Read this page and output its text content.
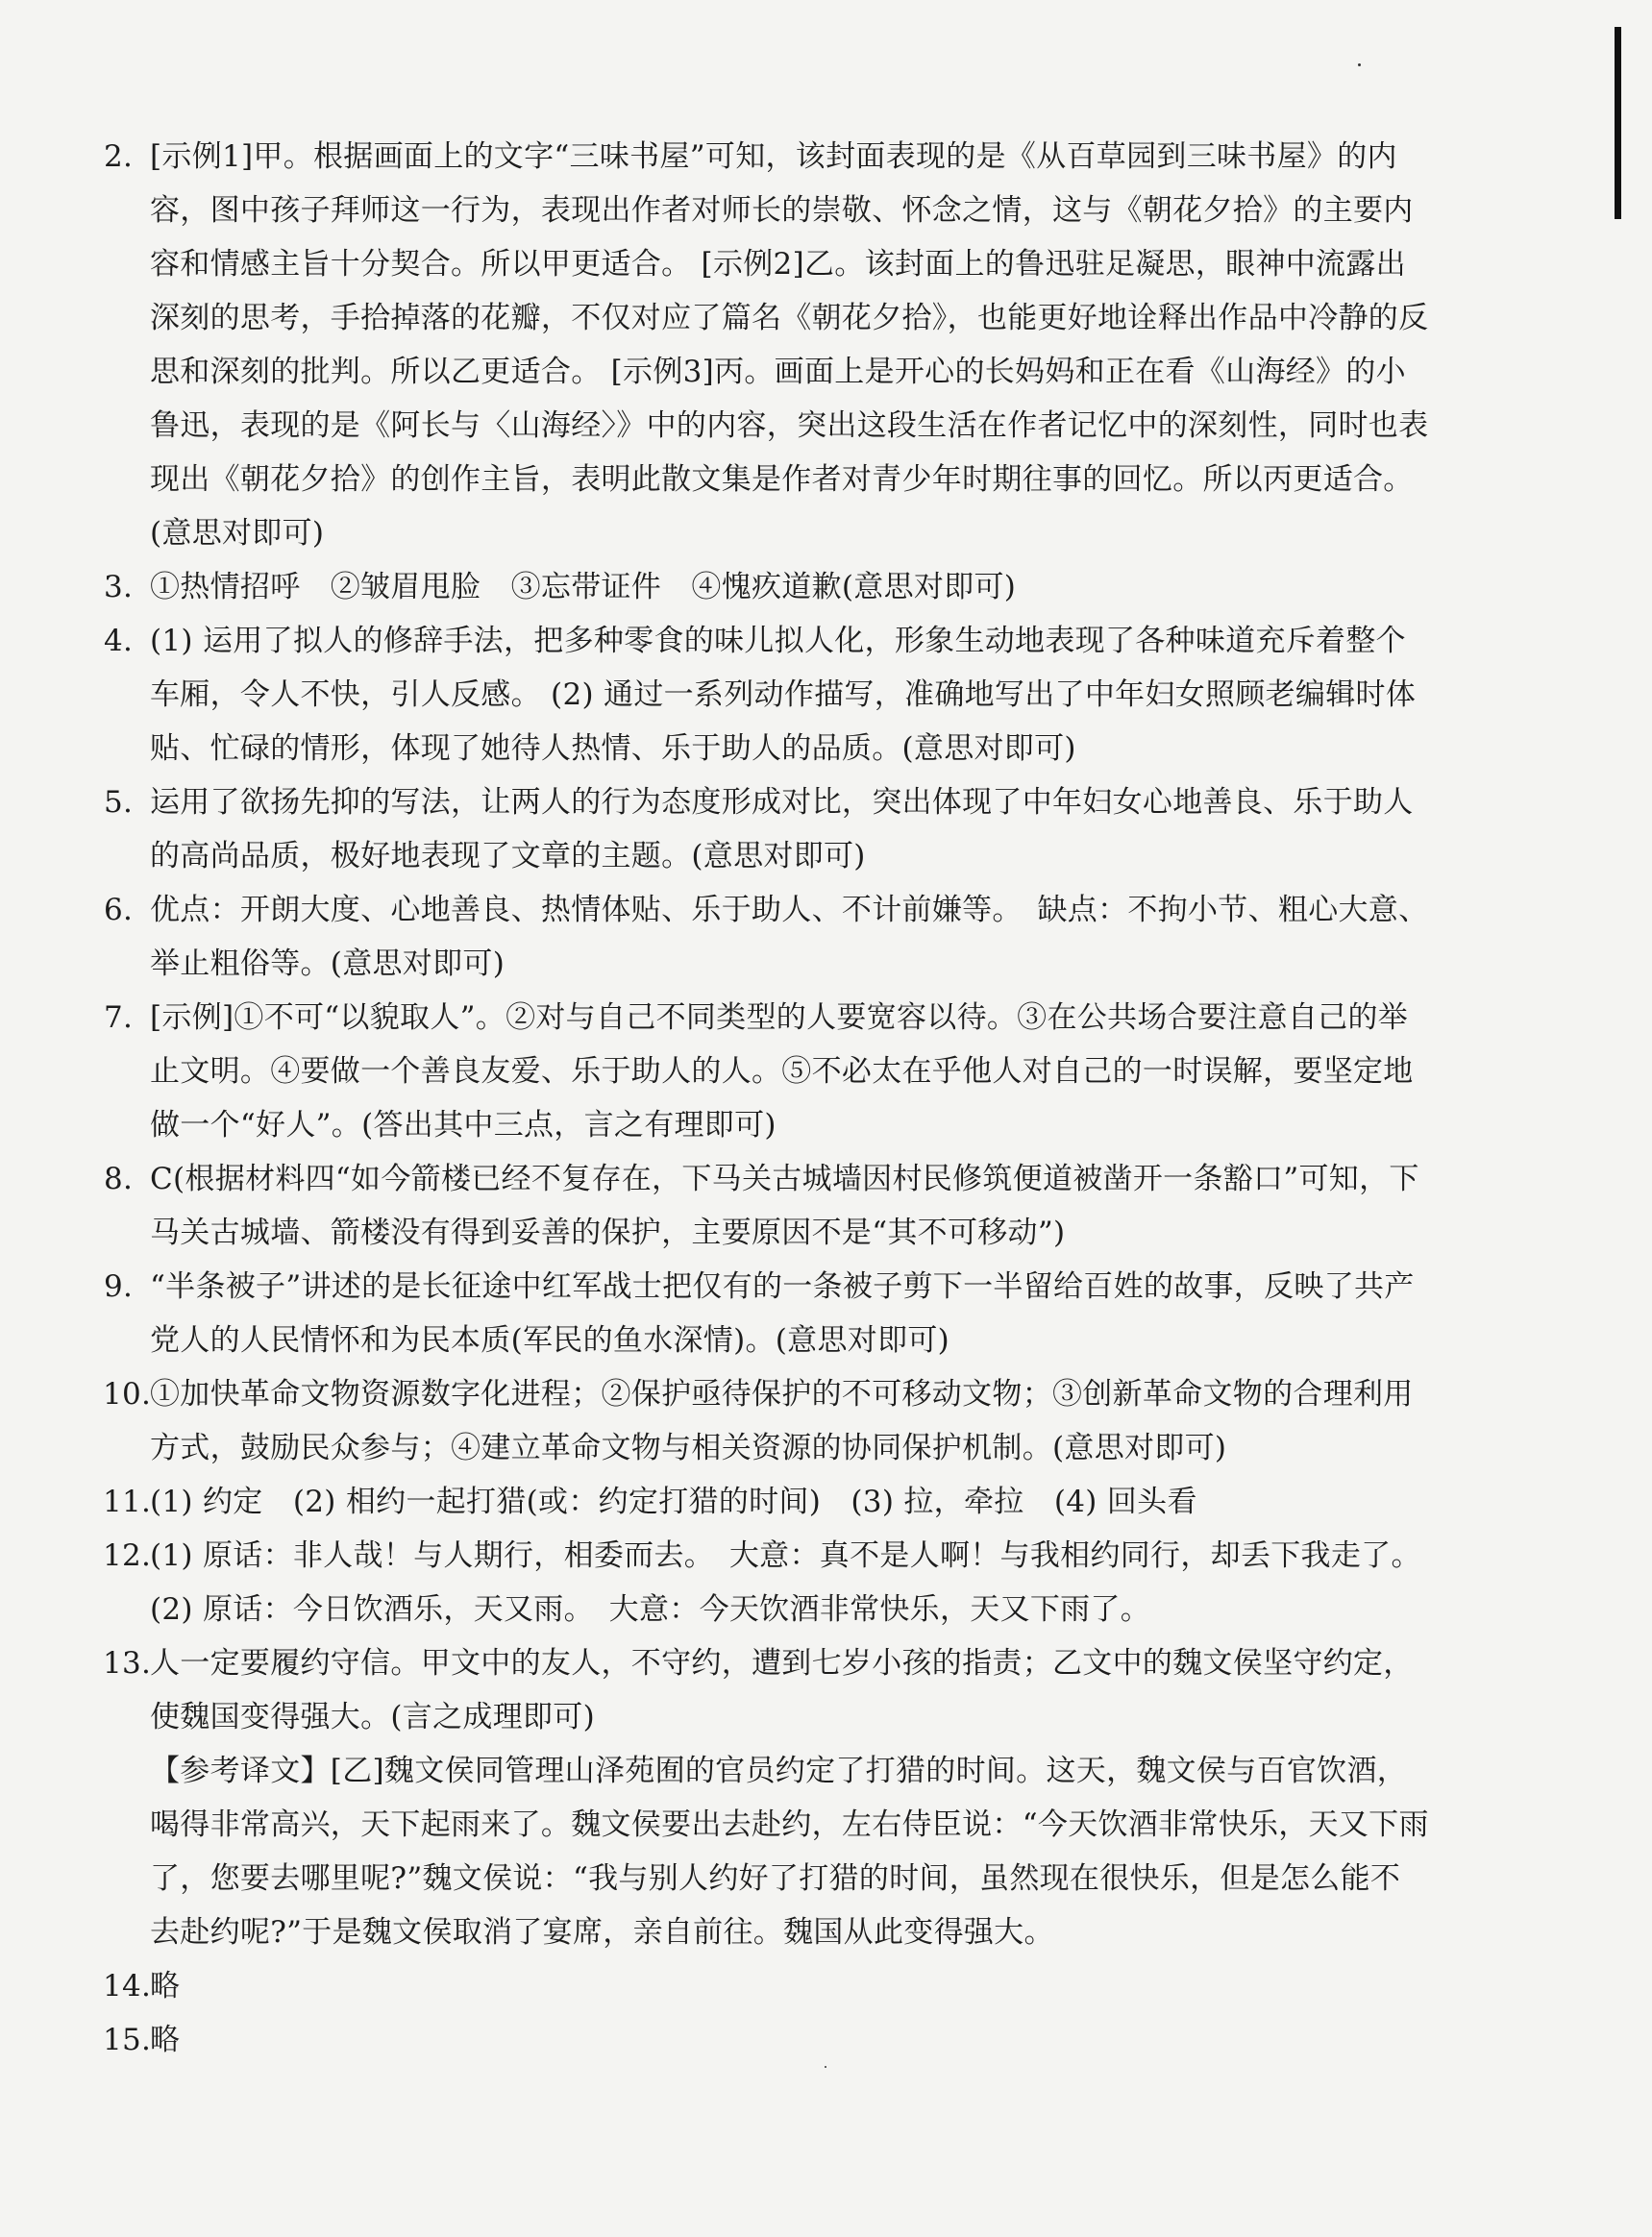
2. [示例1]甲。根据画面上的文字“三味书屋”可知，该封面表现的是《从百草园到三味书屋》的内容，图中孩子拜师这一行为，表现出作者对师长的崇敬、怀念之情，这与《朝花夕拾》的主要内容和情感主旨十分契合。所以甲更适合。 [示例2]乙。该封面上的鲁迅驻足凝思，眼神中流露出深刻的思考，手拾掉落的花瓣，不仅对应了篇名《朝花夕拾》，也能更好地诠释出作品中冷静的反思和深刻的批判。所以乙更适合。 [示例3]丙。画面上是开心的长妈妈和正在看《山海经》的小鲁迅，表现的是《阿长与〈山海经〉》中的内容，突出这段生活在作者记忆中的深刻性，同时也表现出《朝花夕拾》的创作主旨，表明此散文集是作者对青少年时期往事的回忆。所以丙更适合。(意思对即可)

3. ①热情招呼　②皱眉甩脸　③忘带证件　④愧疚道歉(意思对即可)

4. (1) 运用了拟人的修辞手法，把多种零食的味儿拟人化，形象生动地表现了各种味道充斥着整个车厢，令人不快，引人反感。 (2) 通过一系列动作描写，准确地写出了中年妇女照顾老编辑时体贴、忙碌的情形，体现了她待人热情、乐于助人的品质。(意思对即可)

5. 运用了欲扬先抑的写法，让两人的行为态度形成对比，突出体现了中年妇女心地善良、乐于助人的高尚品质，极好地表现了文章的主题。(意思对即可)

6. 优点：开朗大度、心地善良、热情体贴、乐于助人、不计前嫌等。　缺点：不拘小节、粗心大意、举止粗俗等。(意思对即可)

7. [示例]①不可“以貌取人”。②对与自己不同类型的人要宽容以待。③在公共场合要注意自己的举止文明。④要做一个善良友爱、乐于助人的人。⑤不必太在乎他人对自己的一时误解，要坚定地做一个“好人”。(答出其中三点，言之有理即可)

8. C(根据材料四“如今箭楼已经不复存在，下马关古城墙因村民修筑便道被凿开一条豁口”可知，下马关古城墙、箭楼没有得到妥善的保护，主要原因不是“其不可移动”)

9. “半条被子”讲述的是长征途中红军战士把仅有的一条被子剪下一半留给百姓的故事，反映了共产党人的人民情怀和为民本质(军民的鱼水深情)。(意思对即可)

10.
①加快革命文物资源数字化进程；②保护亟待保护的不可移动文物；③创新革命文物的合理利用方式，鼓励民众参与；④建立革命文物与相关资源的协同保护机制。(意思对即可)

11.
(1) 约定　(2) 相约一起打猎(或：约定打猎的时间)　(3) 拉，牵拉　(4) 回头看

12.
(1) 原话：非人哉！与人期行，相委而去。　大意：真不是人啊！与我相约同行，却丢下我走了。 (2) 原话：今日饮酒乐，天又雨。　大意：今天饮酒非常快乐，天又下雨了。

13.
人一定要履约守信。甲文中的友人，不守约，遭到七岁小孩的指责；乙文中的魏文侯坚守约定，使魏国变得强大。(言之成理即可)

【参考译文】[乙]魏文侯同管理山泽苑囿的官员约定了打猎的时间。这天，魏文侯与百官饮酒，喝得非常高兴，天下起雨来了。魏文侯要出去赴约，左右侍臣说：“今天饮酒非常快乐，天又下雨了，您要去哪里呢?”魏文侯说：“我与别人约好了打猎的时间，虽然现在很快乐，但是怎么能不去赴约呢?”于是魏文侯取消了宴席，亲自前往。魏国从此变得强大。

14.
略

15.
略
